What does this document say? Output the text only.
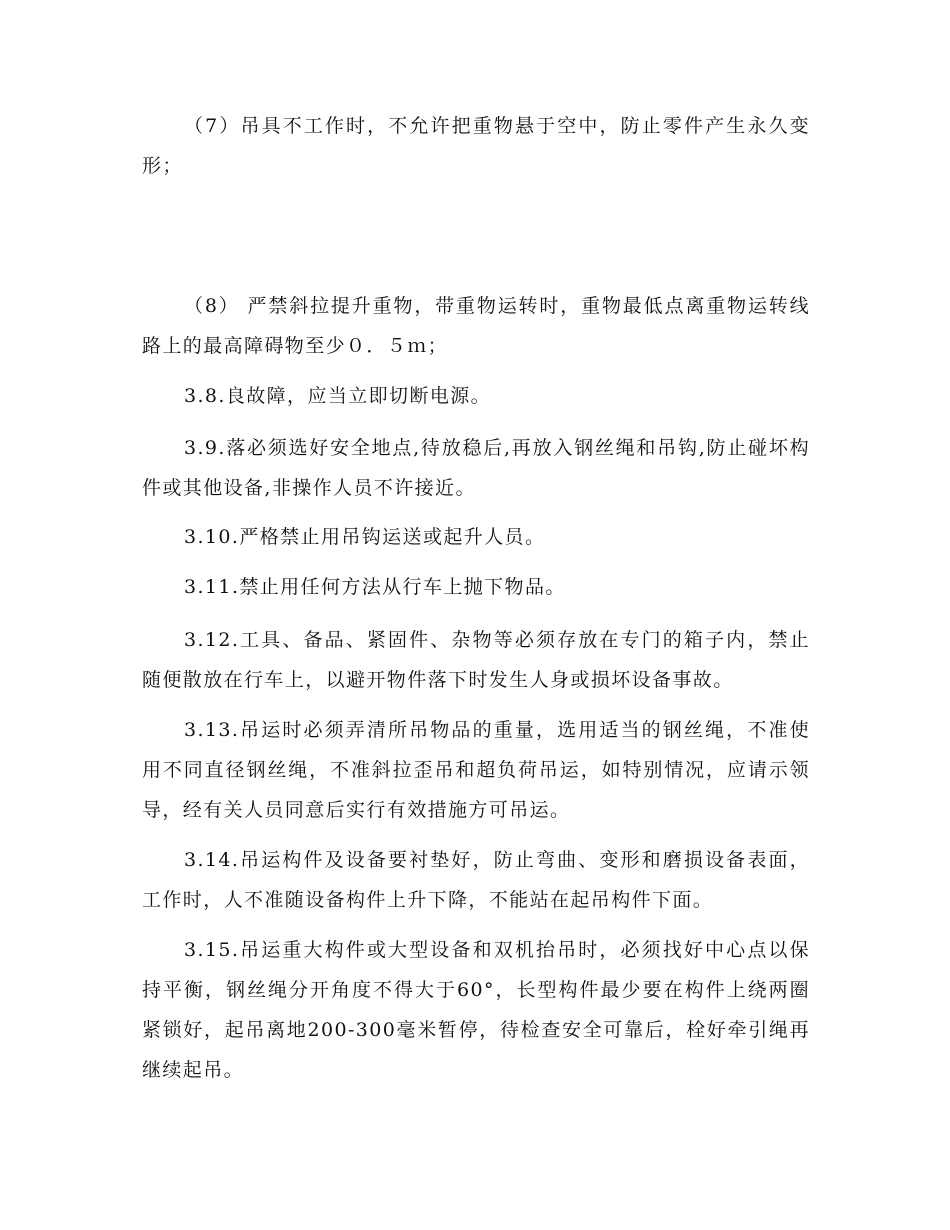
（7）吊具不工作时，不允许把重物悬于空中，防止零件产生永久变形；

（8） 严禁斜拉提升重物，带重物运转时，重物最低点离重物运转线路上的最高障碍物至少０．５ｍ；

3.8.良故障，应当立即切断电源。

3.9.落必须选好安全地点,待放稳后,再放入钢丝绳和吊钩,防止碰坏构件或其他设备,非操作人员不许接近。

3.10.严格禁止用吊钩运送或起升人员。

3.11.禁止用任何方法从行车上抛下物品。

3.12.工具、备品、紧固件、杂物等必须存放在专门的箱子内，禁止随便散放在行车上，以避开物件落下时发生人身或损坏设备事故。

3.13.吊运时必须弄清所吊物品的重量，选用适当的钢丝绳，不准使用不同直径钢丝绳，不准斜拉歪吊和超负荷吊运，如特别情况，应请示领导，经有关人员同意后实行有效措施方可吊运。

3.14.吊运构件及设备要衬垫好，防止弯曲、变形和磨损设备表面，工作时，人不准随设备构件上升下降，不能站在起吊构件下面。

3.15.吊运重大构件或大型设备和双机抬吊时，必须找好中心点以保持平衡，钢丝绳分开角度不得大于60°，长型构件最少要在构件上绕两圈紧锁好，起吊离地200-300毫米暂停，待检查安全可靠后，栓好牵引绳再继续起吊。
